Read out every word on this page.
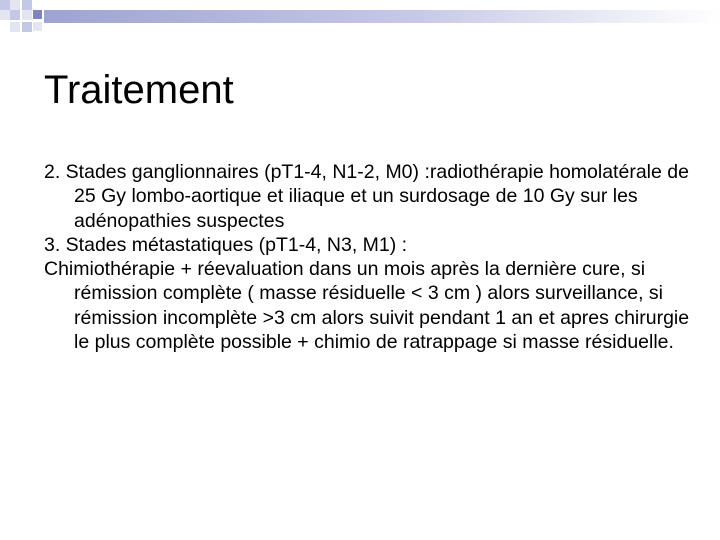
Traitement

2. Stades ganglionnaires (pT1-4, N1-2, M0) :radiothérapie homolatérale de 25 Gy lombo-aortique et iliaque et un surdosage de 10 Gy sur les adénopathies suspectes

3. Stades métastatiques (pT1-4, N3, M1) :

Chimiothérapie + réevaluation dans un mois après la dernière cure, si rémission complète ( masse résiduelle < 3 cm ) alors surveillance, si rémission incomplète >3 cm alors suivit pendant 1 an et apres chirurgie le plus complète possible + chimio de ratrappage si masse résiduelle.
